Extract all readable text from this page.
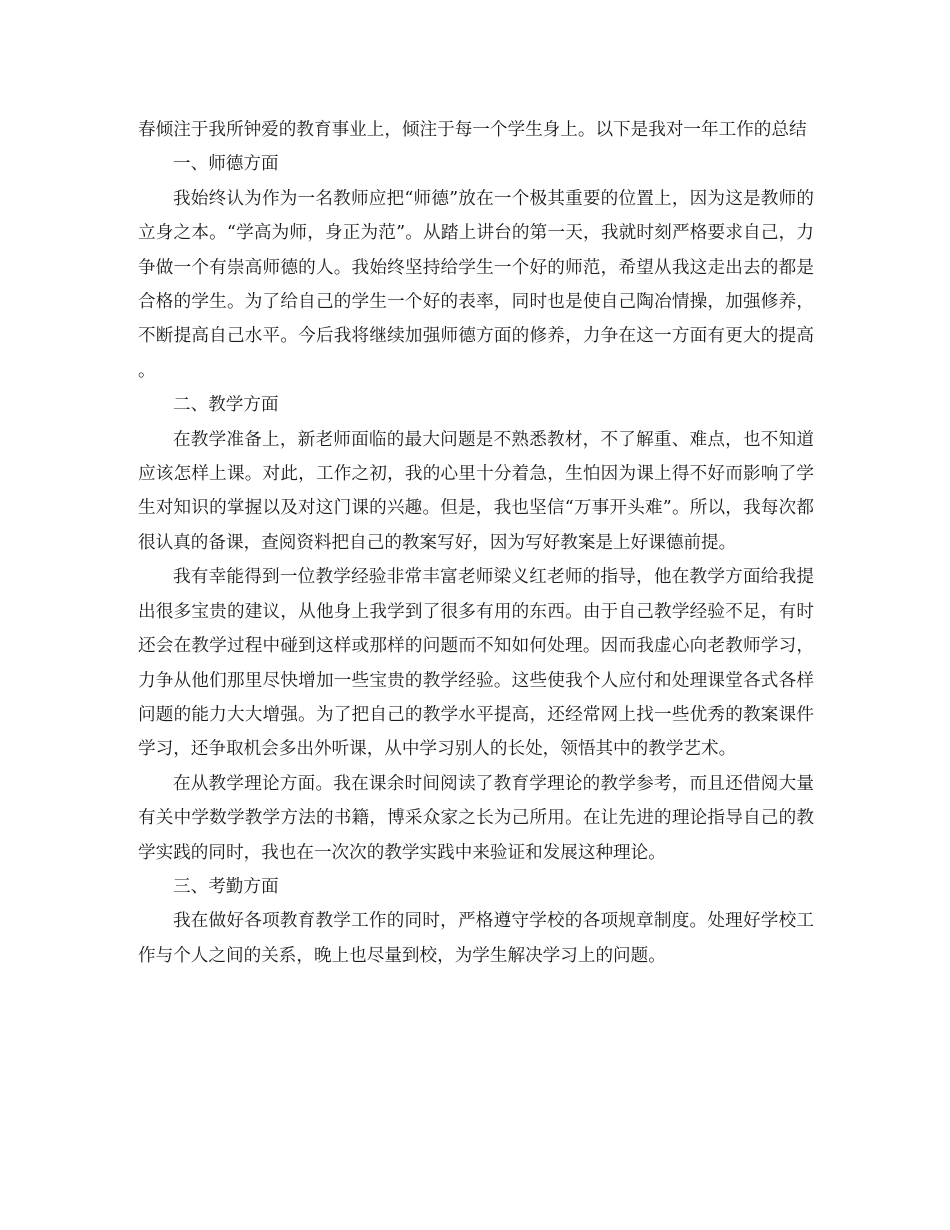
春倾注于我所钟爱的教育事业上，倾注于每一个学生身上。以下是我对一年工作的总结

一、师德方面

我始终认为作为一名教师应把“师德”放在一个极其重要的位置上，因为这是教师的立身之本。“学高为师，身正为范”。从踏上讲台的第一天，我就时刻严格要求自己，力争做一个有崇高师德的人。我始终坚持给学生一个好的师范，希望从我这走出去的都是合格的学生。为了给自己的学生一个好的表率，同时也是使自己陶冶情操，加强修养，不断提高自己水平。今后我将继续加强师德方面的修养，力争在这一方面有更大的提高。

二、教学方面

在教学准备上，新老师面临的最大问题是不熟悉教材，不了解重、难点，也不知道应该怎样上课。对此，工作之初，我的心里十分着急，生怕因为课上得不好而影响了学生对知识的掌握以及对这门课的兴趣。但是，我也坚信“万事开头难”。所以，我每次都很认真的备课，查阅资料把自己的教案写好，因为写好教案是上好课德前提。

我有幸能得到一位教学经验非常丰富老师梁义红老师的指导，他在教学方面给我提出很多宝贵的建议，从他身上我学到了很多有用的东西。由于自己教学经验不足，有时还会在教学过程中碰到这样或那样的问题而不知如何处理。因而我虚心向老教师学习，力争从他们那里尽快增加一些宝贵的教学经验。这些使我个人应付和处理课堂各式各样问题的能力大大增强。为了把自己的教学水平提高，还经常网上找一些优秀的教案课件学习，还争取机会多出外听课，从中学习别人的长处，领悟其中的教学艺术。

在从教学理论方面。我在课余时间阅读了教育学理论的教学参考，而且还借阅大量有关中学数学教学方法的书籍，博采众家之长为己所用。在让先进的理论指导自己的教学实践的同时，我也在一次次的教学实践中来验证和发展这种理论。

三、考勤方面

我在做好各项教育教学工作的同时，严格遵守学校的各项规章制度。处理好学校工作与个人之间的关系，晚上也尽量到校，为学生解决学习上的问题。
